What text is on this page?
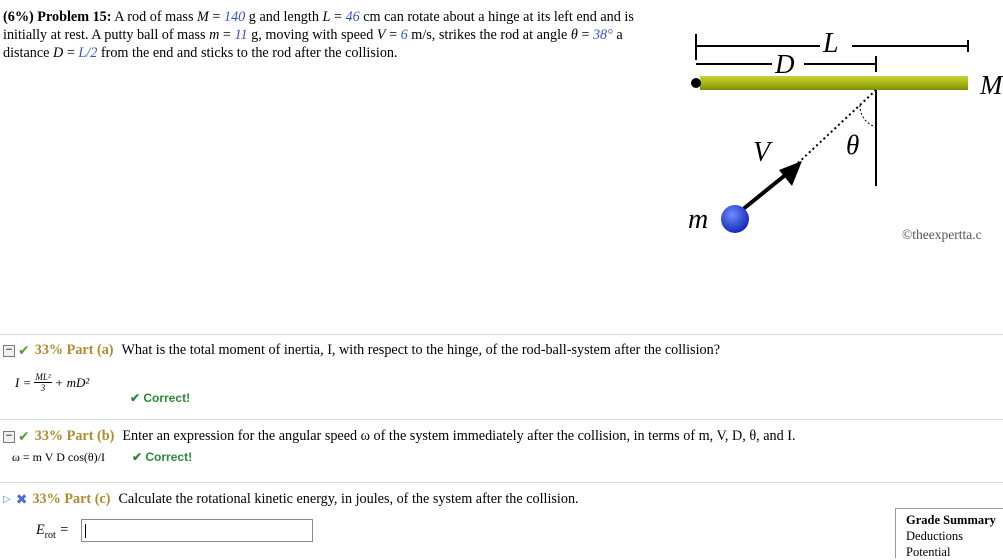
(6%) Problem 15: A rod of mass M = 140 g and length L = 46 cm can rotate about a hinge at its left end and is initially at rest. A putty ball of mass m = 11 g, moving with speed V = 6 m/s, strikes the rod at angle θ = 38° a distance D = L/2 from the end and sticks to the rod after the collision.	L
D
M
V	θ
m	©theexpertta.c
− ✔ 33% Part (a) What is the total moment of inertia, I, with respect to the hinge, of the rod-ball-system after the collision?
$I = \frac{\text{ML²}}{3} + mD^2$
✔ Correct!
− ✔ 33% Part (b) Enter an expression for the angular speed ω of the system immediately after the collision, in terms of m, V, D, θ, and I.
ω = m V D cos(θ)/I ✔ Correct!
▷ ✖ 33% Part (c) Calculate the rotational kinetic energy, in joules, of the system after the collision.
$E_{rot}$ =
Grade Summary
Deductions
Potential
